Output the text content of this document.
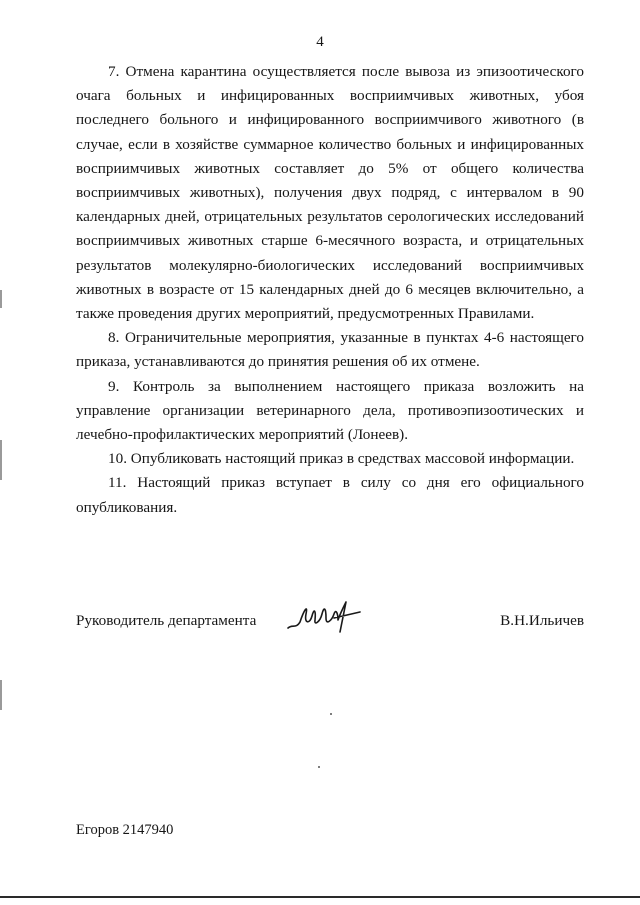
4

7. Отмена карантина осуществляется после вывоза из эпизоотического очага больных и инфицированных восприимчивых животных, убоя последнего больного и инфицированного восприимчивого животного (в случае, если в хозяйстве суммарное количество больных и инфицированных восприимчивых животных составляет до 5% от общего количества восприимчивых животных), получения двух подряд, с интервалом в 90 календарных дней, отрицательных результатов серологических исследований восприимчивых животных старше 6-месячного возраста, и отрицательных результатов молекулярно-биологических исследований восприимчивых животных в возрасте от 15 календарных дней до 6 месяцев включительно, а также проведения других мероприятий, предусмотренных Правилами.

8. Ограничительные мероприятия, указанные в пунктах 4-6 настоящего приказа, устанавливаются до принятия решения об их отмене.

9. Контроль за выполнением настоящего приказа возложить на управление организации ветеринарного дела, противоэпизоотических и лечебно-профилактических мероприятий (Лонеев).

10. Опубликовать настоящий приказ в средствах массовой информации.

11. Настоящий приказ вступает в силу со дня его официального опубликования.

Руководитель департамента	В.Н.Ильичев
Егоров 2147940
